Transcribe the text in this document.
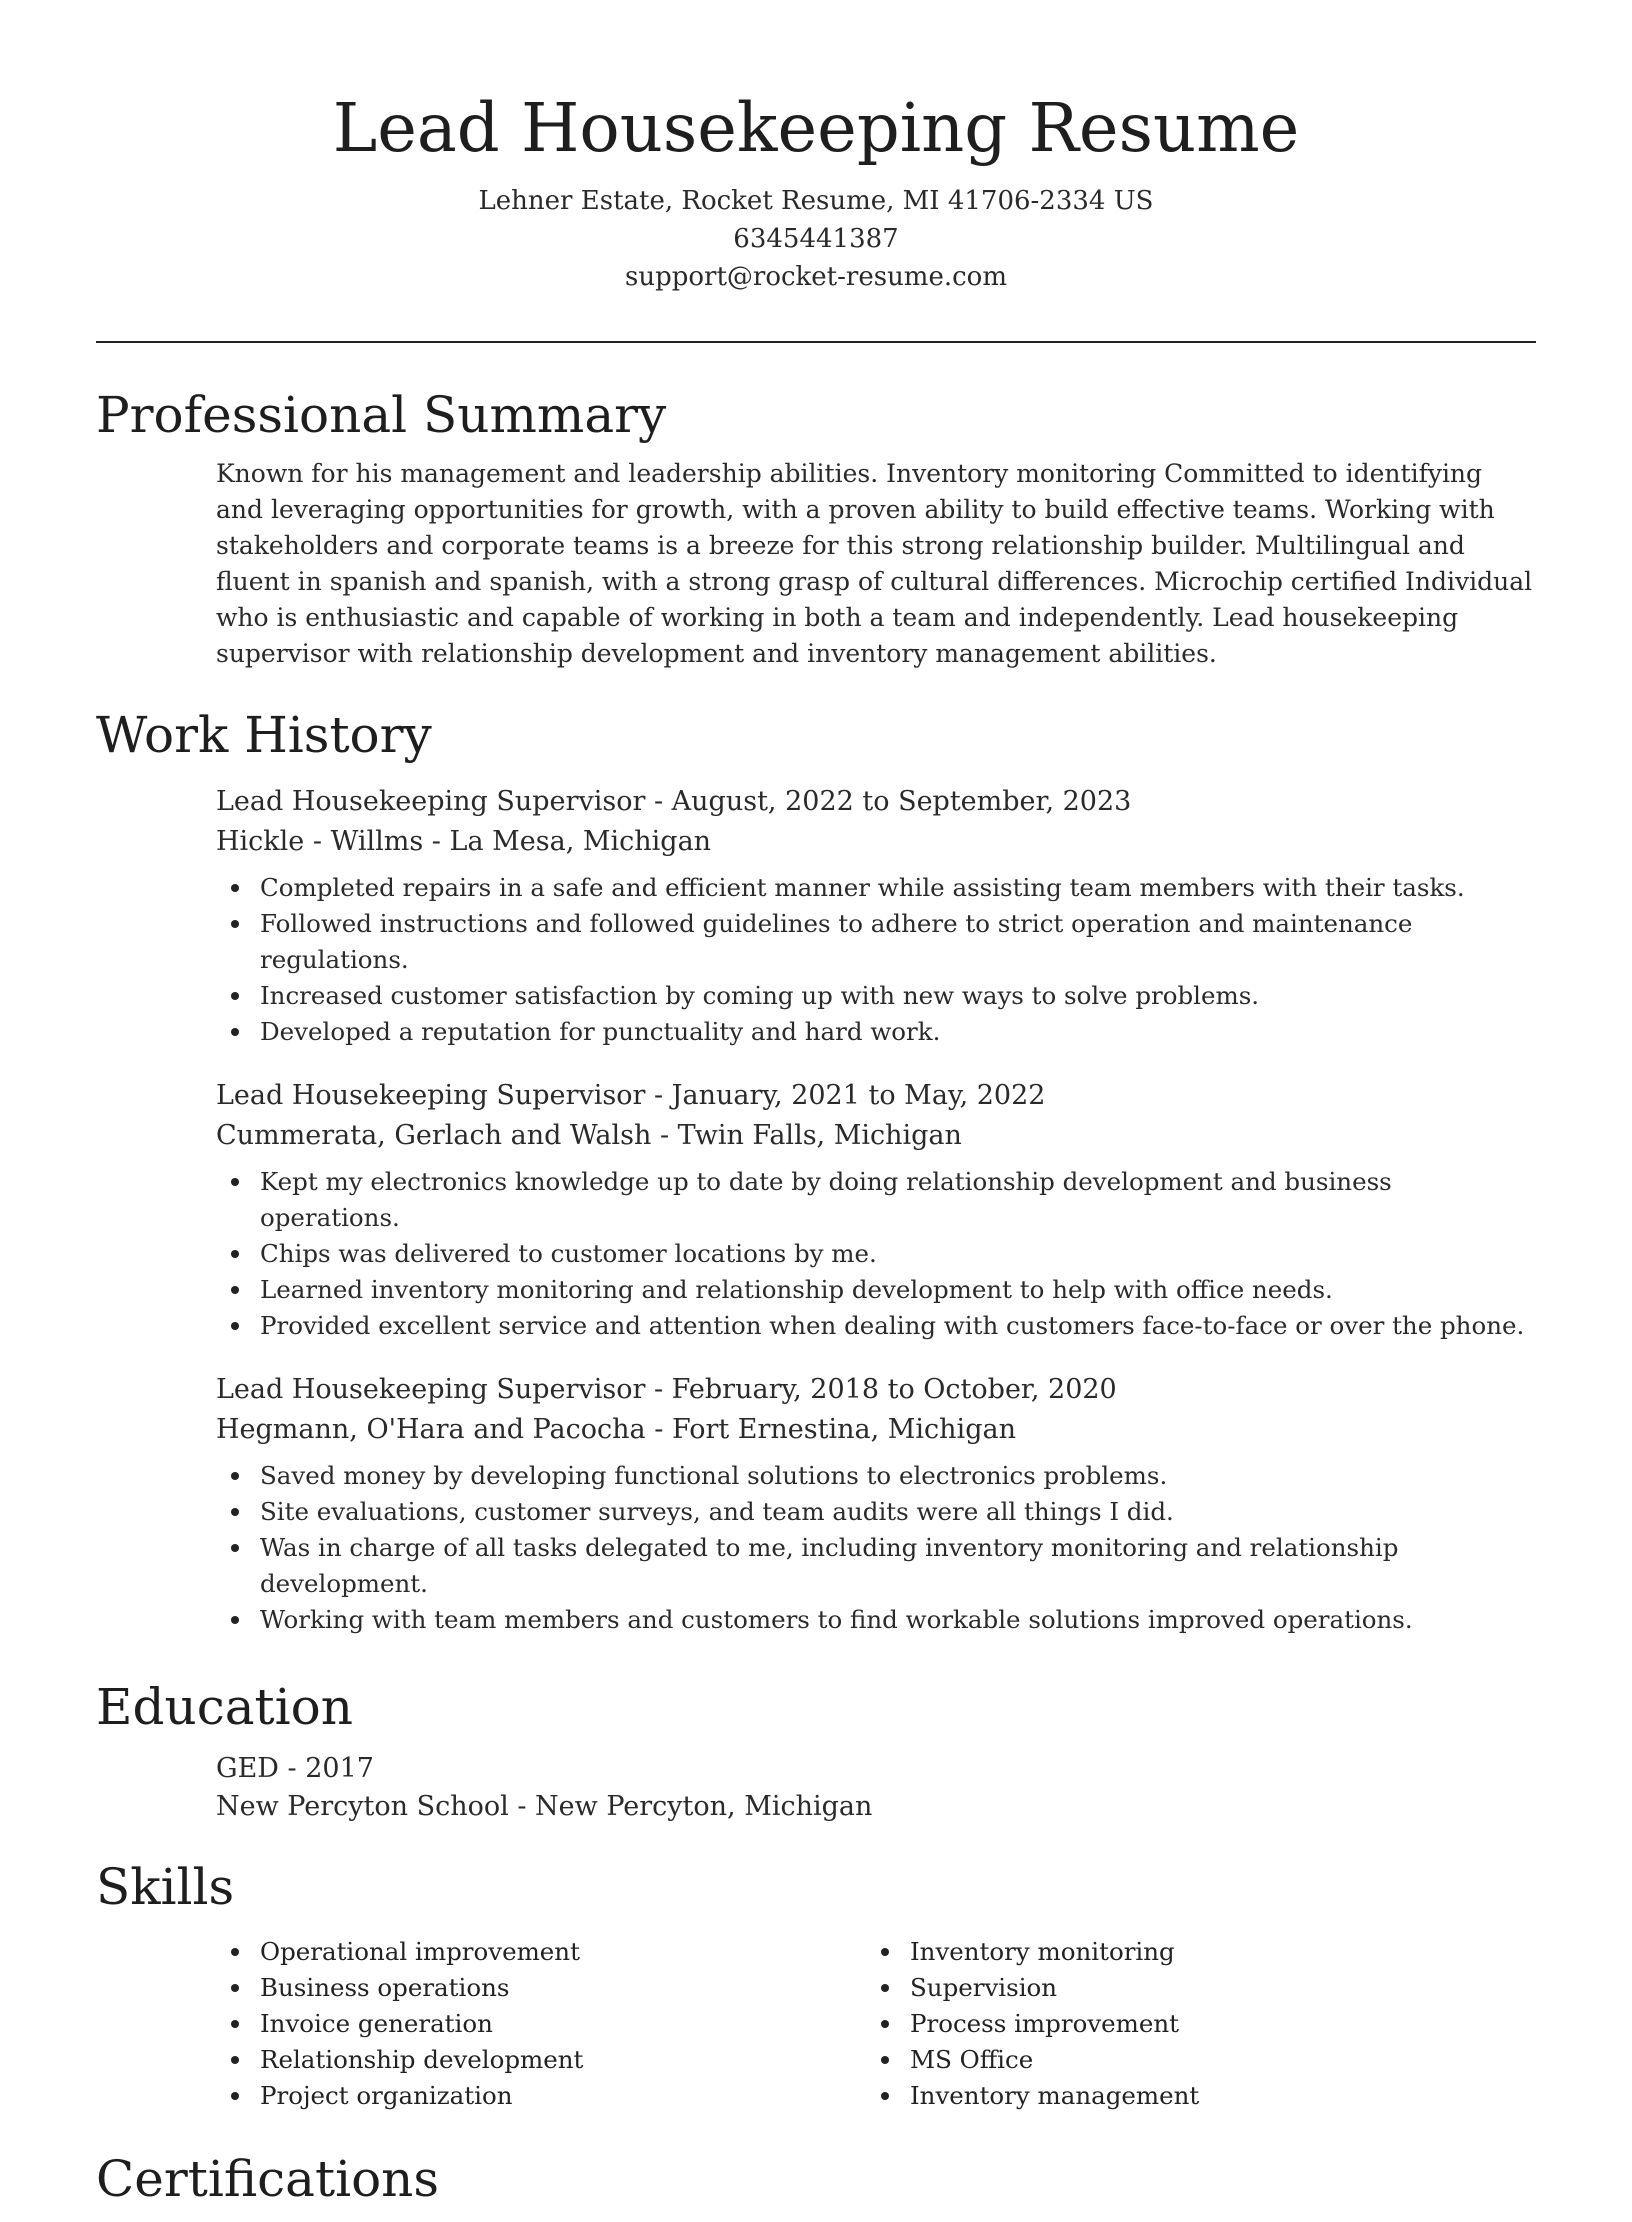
Lead Housekeeping Resume
Lehner Estate, Rocket Resume, MI 41706-2334 US
6345441387
support@rocket-resume.com
Professional Summary
Known for his management and leadership abilities. Inventory monitoring Committed to identifying and leveraging opportunities for growth, with a proven ability to build effective teams. Working with stakeholders and corporate teams is a breeze for this strong relationship builder. Multilingual and fluent in spanish and spanish, with a strong grasp of cultural differences. Microchip certified Individual who is enthusiastic and capable of working in both a team and independently. Lead housekeeping supervisor with relationship development and inventory management abilities.
Work History
Lead Housekeeping Supervisor - August, 2022 to September, 2023
Hickle - Willms - La Mesa, Michigan
Completed repairs in a safe and efficient manner while assisting team members with their tasks.
Followed instructions and followed guidelines to adhere to strict operation and maintenance regulations.
Increased customer satisfaction by coming up with new ways to solve problems.
Developed a reputation for punctuality and hard work.
Lead Housekeeping Supervisor - January, 2021 to May, 2022
Cummerata, Gerlach and Walsh - Twin Falls, Michigan
Kept my electronics knowledge up to date by doing relationship development and business operations.
Chips was delivered to customer locations by me.
Learned inventory monitoring and relationship development to help with office needs.
Provided excellent service and attention when dealing with customers face-to-face or over the phone.
Lead Housekeeping Supervisor - February, 2018 to October, 2020
Hegmann, O'Hara and Pacocha - Fort Ernestina, Michigan
Saved money by developing functional solutions to electronics problems.
Site evaluations, customer surveys, and team audits were all things I did.
Was in charge of all tasks delegated to me, including inventory monitoring and relationship development.
Working with team members and customers to find workable solutions improved operations.
Education
GED - 2017
New Percyton School - New Percyton, Michigan
Skills
Operational improvement
Business operations
Invoice generation
Relationship development
Project organization
Inventory monitoring
Supervision
Process improvement
MS Office
Inventory management
Certifications
